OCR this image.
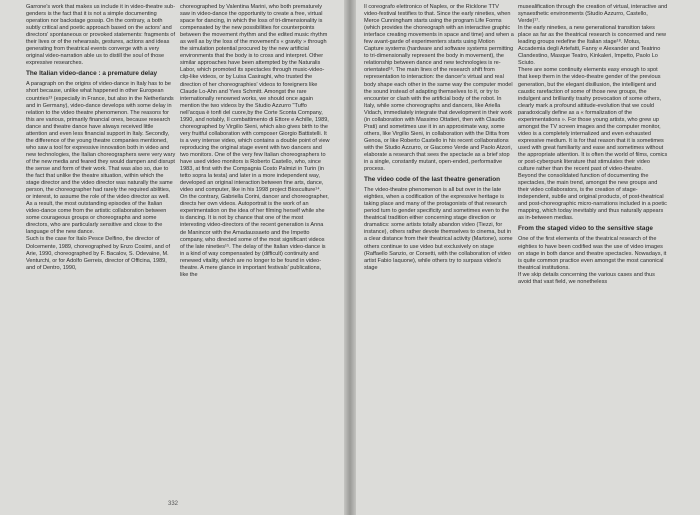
332

Garrone's work that makes us include it in video-theatre sub-genders is the fact that it is not a simple documenting operation nor backstage gossip. On the contrary, a both subtly critical and poetic approach based on the actors' and directors' spontaneous or provoked statements: fragments of their lives or of the rehearsals, gestures, actions and ideas generating from theatrical events converge with a very original video-narration able us to distill the soul of those expressive researches.

The Italian video-dance : a premature delay

A paragraph on the origins of video-dance in Italy has to be short because, unlike what happened in other European countries¹³ (especially in France, but also in the Netherlands and in Germany), video-dance develops with some delay in relation to the video theatre phenomenon. The reasons for this are various, primarily financial ones, because research dance and theatre dance have always received little attention and even less financial support in Italy. Secondly, the difference of the young theatre companies mentioned, who saw a tool for expressive innovation both in video and new technologies, the Italian choreographers were very wary of the new media and feared they would dampen and disrupt the sense and form of their work. That was also so, due to the fact that unlike the theatre situation, within which the stage director and the video director was naturally the same person, the choreographer had rarely the required abilities, or interest, to assume the role of the video director as well. As a result, the most outstanding episodes of the Italian video-dance come from the artistic collaboration between some courageous groups or choreographs and some directors, who are particularly sensitive and close to the language of the new dance.

Such is the case for Italo Pesce Delfino, the director of Dolcemente, 1989, choreographed by Enzo Cosimi, and of Arie, 1990, choreographed by F. Bacalov, S. Odevaine, M. Venturchi, or for Adolfo Gerreis, director of Officina, 1989, and of Dentro, 1990,

choreographed by Valentina Marini, who both prematurely saw in video-dance the opportunity to create a free, virtual space for dancing, in which the loss of tri-dimensionality is compensated by the new possibilities for counterpoints between the movement rhythm and the edited music rhythm as well as by the loss of the movement's « gravity » through the simulation potential procured by the new artificial environments that the body is to cross and interpret. Other similar approaches have been attempted by the Naturalis Labor, which promoted its spectacles through music-video-clip-like videos, or by Luisa Casiraghi, who trusted the direction of her choreographies' videos to foreigners like Claude Lo-Ahn and Yves Schmitt. Amongst the rare internationally renowned works, we should once again mention the two videos by the Studio Azzurro "Tuffo nell'acqua è tonfi del cuore,by the Corte Sconta Company, 1990, and notably, Il combattimento di Ettore e Achille, 1989, choreographed by Virgilio Sieni, which also gives birth to the very fruitful collaboration with composer Giorgio Battistelli. It is a very intense video, which contains a double point of view reproducing the original stage event with two dancers and two monitors. One of the very few Italian choreographers to have used video monitors is Roberto Castello, who, since 1983, at first with the Compagnia Costo Palmizi in Turin (in tetto sopra la testa) and later in a more independent way, developed an original interaction between fine arts, dance, video and computer, like in his 1998 project Biosculture¹⁴. On the contrary, Gabriella Corini, dancer and choreographer, directs her own videos. Autoportrait is the work of an experimentation on the idea of her filming herself while she is dancing. It is not by chance that one of the most interesting video-directors of the recent generation is Anna de Manincor with the Amadaussaeto and the Impetto company, who directed some of the most significant videos of the late nineties¹⁵. The delay of the Italian video-dance is in a kind of way compensated by (difficult) continuity and renewed vitality, which are no longer to be found in video-theatre. A mere glance in important festivals' publications, like the

Il coreografo elettronico of Naples, or the Ricklone TTV video-festival testifies to that. Since the early nineties, when Merce Cunningham starts using the program Life Forms (which provides the choreograph with an interactive graphic interface creating movements in space and time) and when a few avant-garde of experimenters starts using Motion Capture systems (hardware and software systems permitting to tri-dimensionally represent the body in movement), the relationship between dance and new technologies is re-orientated¹⁶. The main lines of the research shift from representation to interaction: the dancer's virtual and real body shape each other in the same way the computer model the sound instead of adapting themselves to it, or try to encounter or clash with the artificial body of the robot. In Italy, while some choreographs and dancers, like Ariella Vidach, immediately integrate that development in their work (in collaboration with Massimo Ottatieri, then with Claudio Prati) and sometimes use it in an approximate way, some others, like Virgilio Sieni, in collaboration with the Ditta from Genoa, or like Roberto Castello in his recent collaborations with the Studio Azzurro, or Giacomo Verde and Paolo Atzori, elaborate a research that sees the spectacle as a brief stop in a single, constantly mutant, open-ended, performative process.

The video code of the last theatre generation

The video-theatre phenomenon is all but over in the late eighties, when a codification of the expressive heritage is taking place and many of the protagonists of that research period turn to gender specificity and sometimes even to the theatrical tradition either concerning stage direction or dramatics: some artists totally abandon video (Tiezzi, for instance), others rather devote themselves to cinema, but in a clear distance from their theatrical activity (Martone), some others continue to use video but exclusively on stage (Raffaello Sanzio, or Corsetti, with the collaboration of video artist Fabio Iaquone), while others try to surpass video's stage

musealification through the creation of virtual, interactive and synaesthetic environments (Studio Azzurro, Castello, Verde)¹⁷.

In the early nineties, a new generational transition takes place as far as the theatrical research is concerned and new leading groups redefine the Italian stage¹⁸. Motus, Accademia degli Artefatti, Fanny e Alexander and Teatrino Clandestino, Masque Teatro, Kinkaleri, Impetto, Paolo Lo Sciuto.

There are some continuity elements easy enough to spot that keep them in the video-theatre gender of the previous generation, but the elegant disillusion, the intelligent and caustic rarefaction of some of those new groups, the indulgent and brilliantly trashy provocation of some others, clearly mark a profound attitude-evolution that we could paradoxically define as a « formalization of the experimentations ». For those young artists, who grew up amongst the TV screen images and the computer monitor, video is a completely internalized and even exhausted expressive medium. It is for that reason that it is sometimes used with great familiarity and ease and sometimes without the appropriate attention. It is often the world of films, comics or post-cyberpunk literature that stimulates their video culture rather than the recent past of video-theatre.

Beyond the consolidated function of documenting the spectacles, the main trend, amongst the new groups and their video collaborators, is the creation of stage-independent, subtle and original products, of post-theatrical and post-choreographic micro-narrations included in a poetic mapping, which today inevitably and thus naturally appears as in-between medias.

From the staged video to the sensitive stage

One of the first elements of the theatrical research of the eighties to have been codified was the use of video images on stage in both dance and theatre spectacles. Nowadays, it is quite common practice even amongst the most canonical theatrical institutions.

If we skip details concerning the various cases and thus avoid that vast field, we nonetheless
